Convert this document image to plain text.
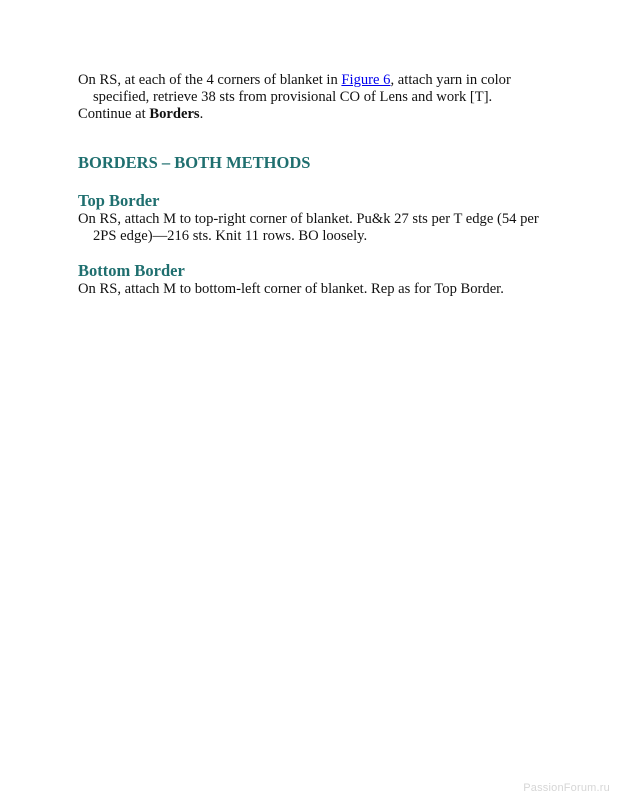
On RS, at each of the 4 corners of blanket in Figure 6, attach yarn in color specified, retrieve 38 sts from provisional CO of Lens and work [T].

Continue at Borders.

BORDERS – BOTH METHODS
Top Border

On RS, attach M to top-right corner of blanket. Pu&k 27 sts per T edge (54 per 2PS edge)—216 sts. Knit 11 rows. BO loosely.

Bottom Border

On RS, attach M to bottom-left corner of blanket. Rep as for Top Border.

PassionForum.ru
